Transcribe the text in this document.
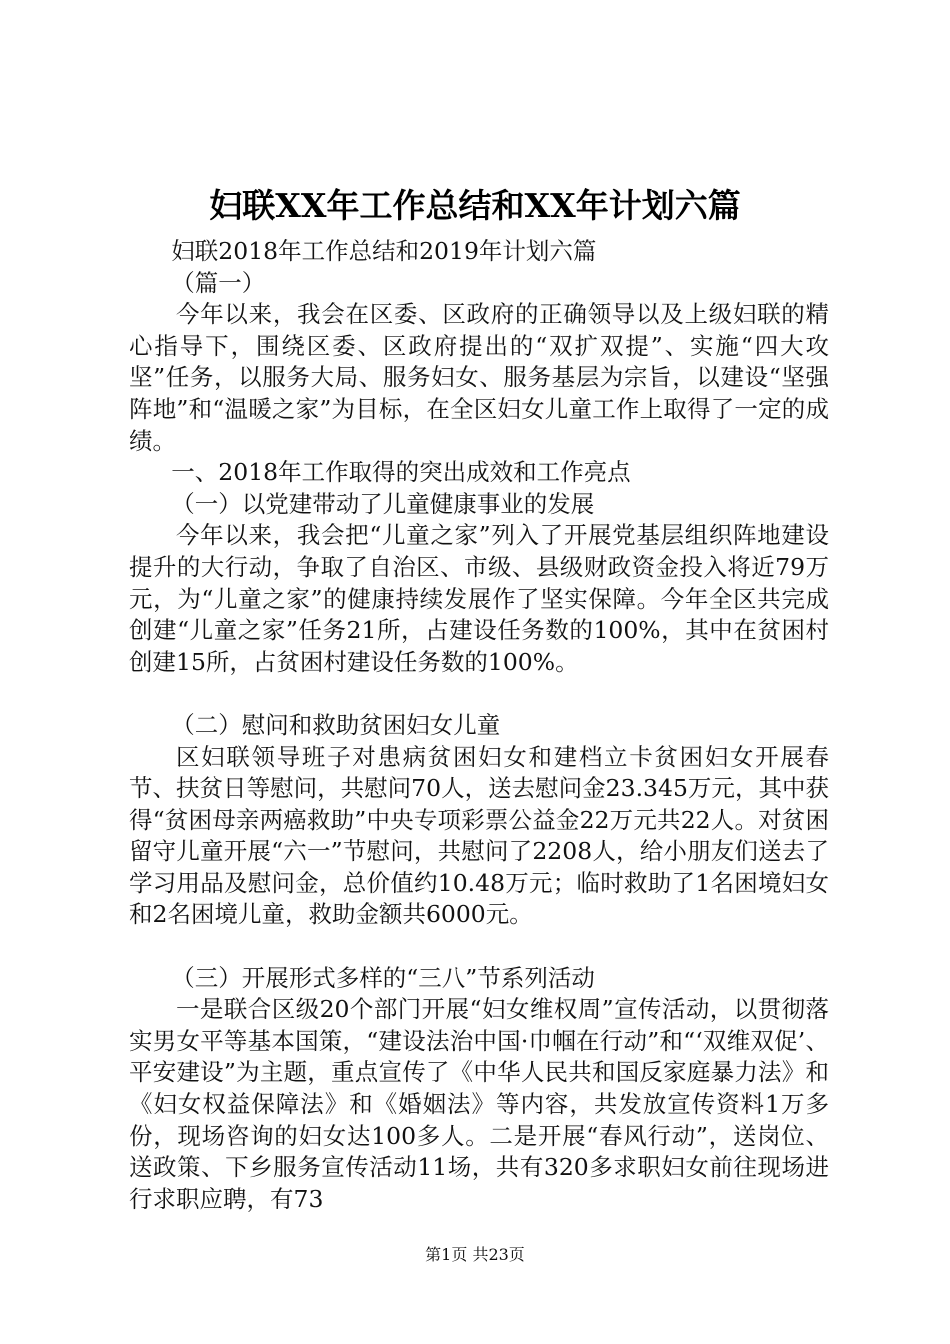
妇联XX年工作总结和XX年计划六篇

妇联2018年工作总结和2019年计划六篇

（篇一）

今年以来，我会在区委、区政府的正确领导以及上级妇联的精心指导下，围绕区委、区政府提出的“双扩双提”、实施“四大攻坚”任务，以服务大局、服务妇女、服务基层为宗旨，以建设“坚强阵地”和“温暖之家”为目标，在全区妇女儿童工作上取得了一定的成绩。

一、2018年工作取得的突出成效和工作亮点

（一）以党建带动了儿童健康事业的发展

今年以来，我会把“儿童之家”列入了开展党基层组织阵地建设提升的大行动，争取了自治区、市级、县级财政资金投入将近79万元，为“儿童之家”的健康持续发展作了坚实保障。今年全区共完成创建“儿童之家”任务21所，占建设任务数的100%，其中在贫困村创建15所，占贫困村建设任务数的100%。

（二）慰问和救助贫困妇女儿童

区妇联领导班子对患病贫困妇女和建档立卡贫困妇女开展春节、扶贫日等慰问，共慰问70人，送去慰问金23.345万元，其中获得“贫困母亲两癌救助”中央专项彩票公益金22万元共22人。对贫困留守儿童开展“六一”节慰问，共慰问了2208人，给小朋友们送去了学习用品及慰问金，总价值约10.48万元；临时救助了1名困境妇女和2名困境儿童，救助金额共6000元。

（三）开展形式多样的“三八”节系列活动

一是联合区级20个部门开展“妇女维权周”宣传活动，以贯彻落实男女平等基本国策，“建设法治中国·巾帼在行动”和“‘双维双促’、平安建设”为主题，重点宣传了《中华人民共和国反家庭暴力法》和《妇女权益保障法》和《婚姻法》等内容，共发放宣传资料1万多份，现场咨询的妇女达100多人。二是开展“春风行动”，送岗位、送政策、下乡服务宣传活动11场，共有320多求职妇女前往现场进行求职应聘，有73

第1页 共23页
